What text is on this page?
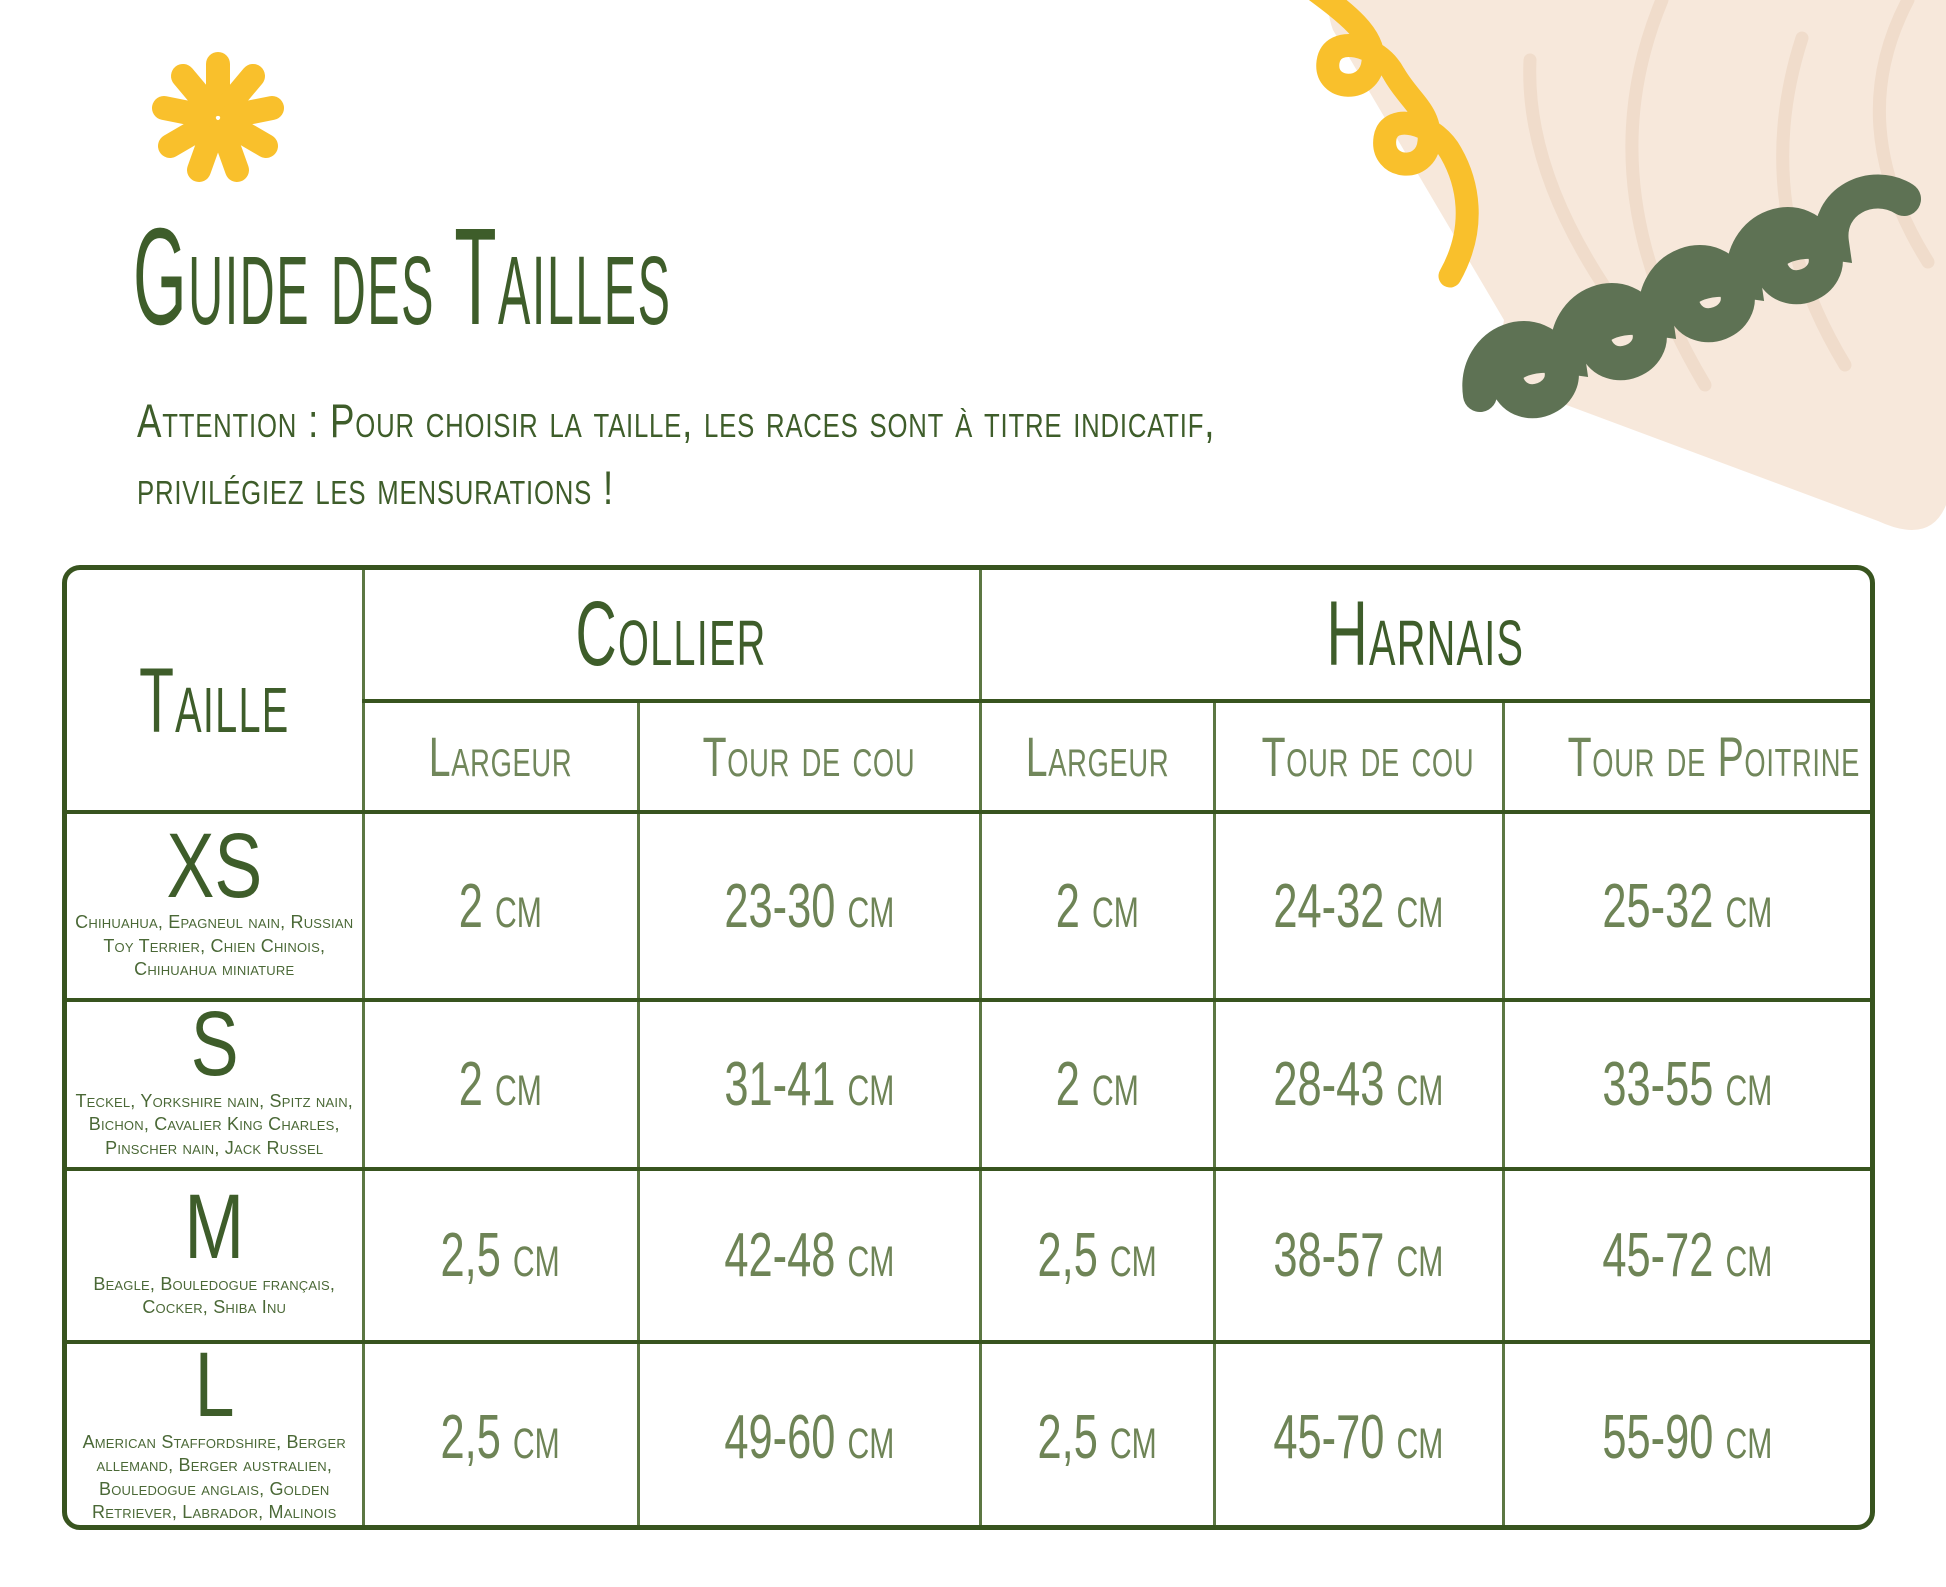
Guide des Tailles

Attention : Pour choisir la taille, les races sont à titre indicatif,

privilégiez les mensurations !

Taille	Collier		Harnais		
	Largeur	Tour de cou	Largeur	Tour de cou	Tour de Poitrine

XS
Chihuahua, Epagneul nain, Russian Toy Terrier, Chien Chinois, Chihuahua miniature	2 cm	23-30 cm	2 cm	24-32 cm	25-32 cm

S
Teckel, Yorkshire nain, Spitz nain, Bichon, Cavalier King Charles, Pinscher nain, Jack Russel	2 cm	31-41 cm	2 cm	28-43 cm	33-55 cm

M
Beagle, Bouledogue français, Cocker, Shiba Inu	2,5 cm	42-48 cm	2,5 cm	38-57 cm	45-72 cm

L
American Staffordshire, Berger allemand, Berger australien, Bouledogue anglais, Golden Retriever, Labrador, Malinois	2,5 cm	49-60 cm	2,5 cm	45-70 cm	55-90 cm
